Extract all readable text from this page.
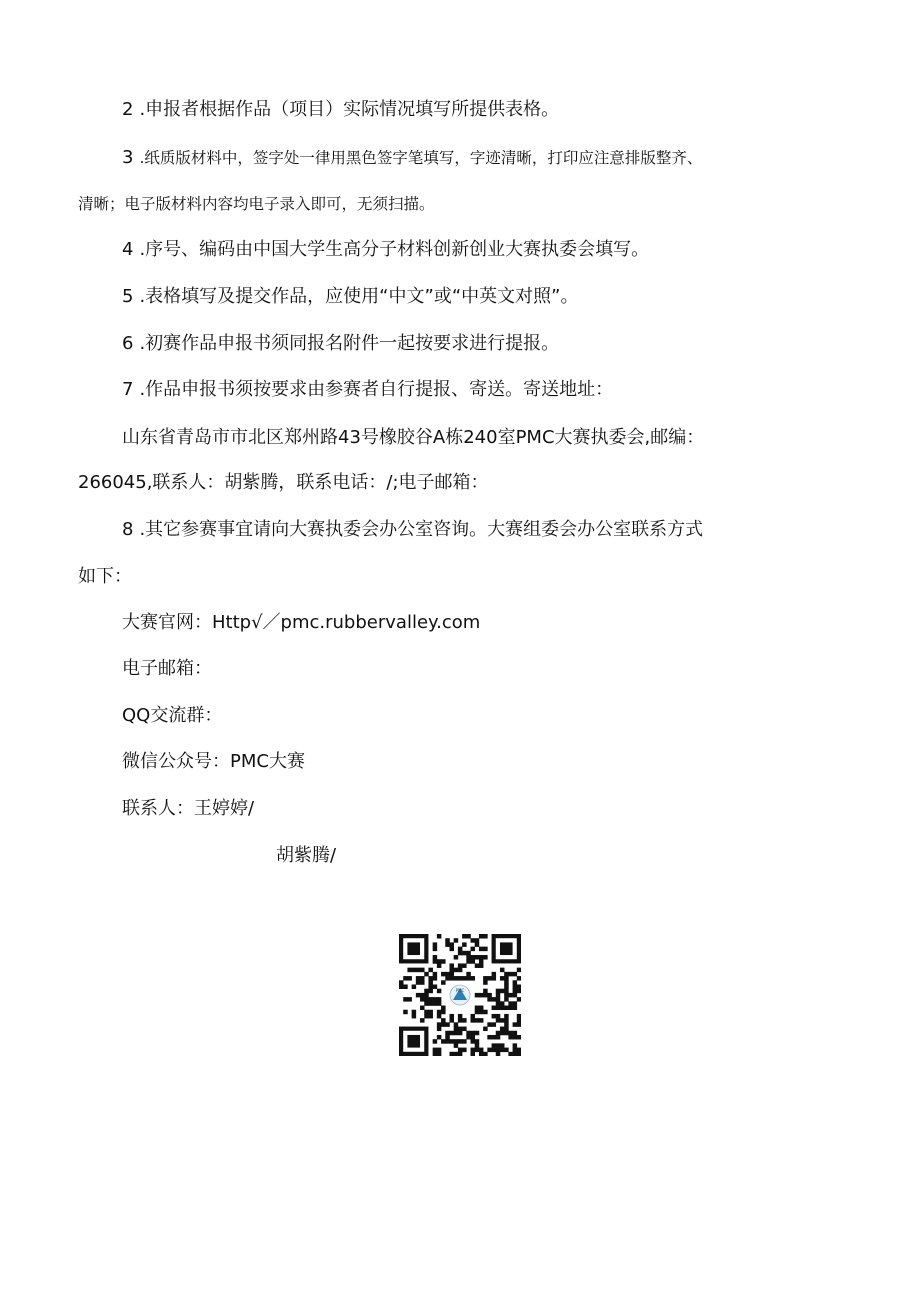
2 .申报者根据作品（项目）实际情况填写所提供表格。
3 .纸质版材料中，签字处一律用黑色签字笔填写，字迹清晰，打印应注意排版整齐、
清晰；电子版材料内容均电子录入即可，无须扫描。
4 .序号、编码由中国大学生高分子材料创新创业大赛执委会填写。
5 .表格填写及提交作品，应使用“中文”或“中英文对照”。
6 .初赛作品申报书须同报名附件一起按要求进行提报。
7 .作品申报书须按要求由参赛者自行提报、寄送。寄送地址：
山东省青岛市市北区郑州路43号橡胶谷A栋240室PMC大赛执委会,邮编：
266045,联系人：胡紫腾，联系电话：/;电子邮箱：
8 .其它参赛事宜请向大赛执委会办公室咨询。大赛组委会办公室联系方式
如下：
大赛官网：Http√／pmc.rubbervalley.com
电子邮箱：
QQ交流群：
微信公众号：PMC大赛
联系人：王婷婷/
胡紫腾/
PMC
